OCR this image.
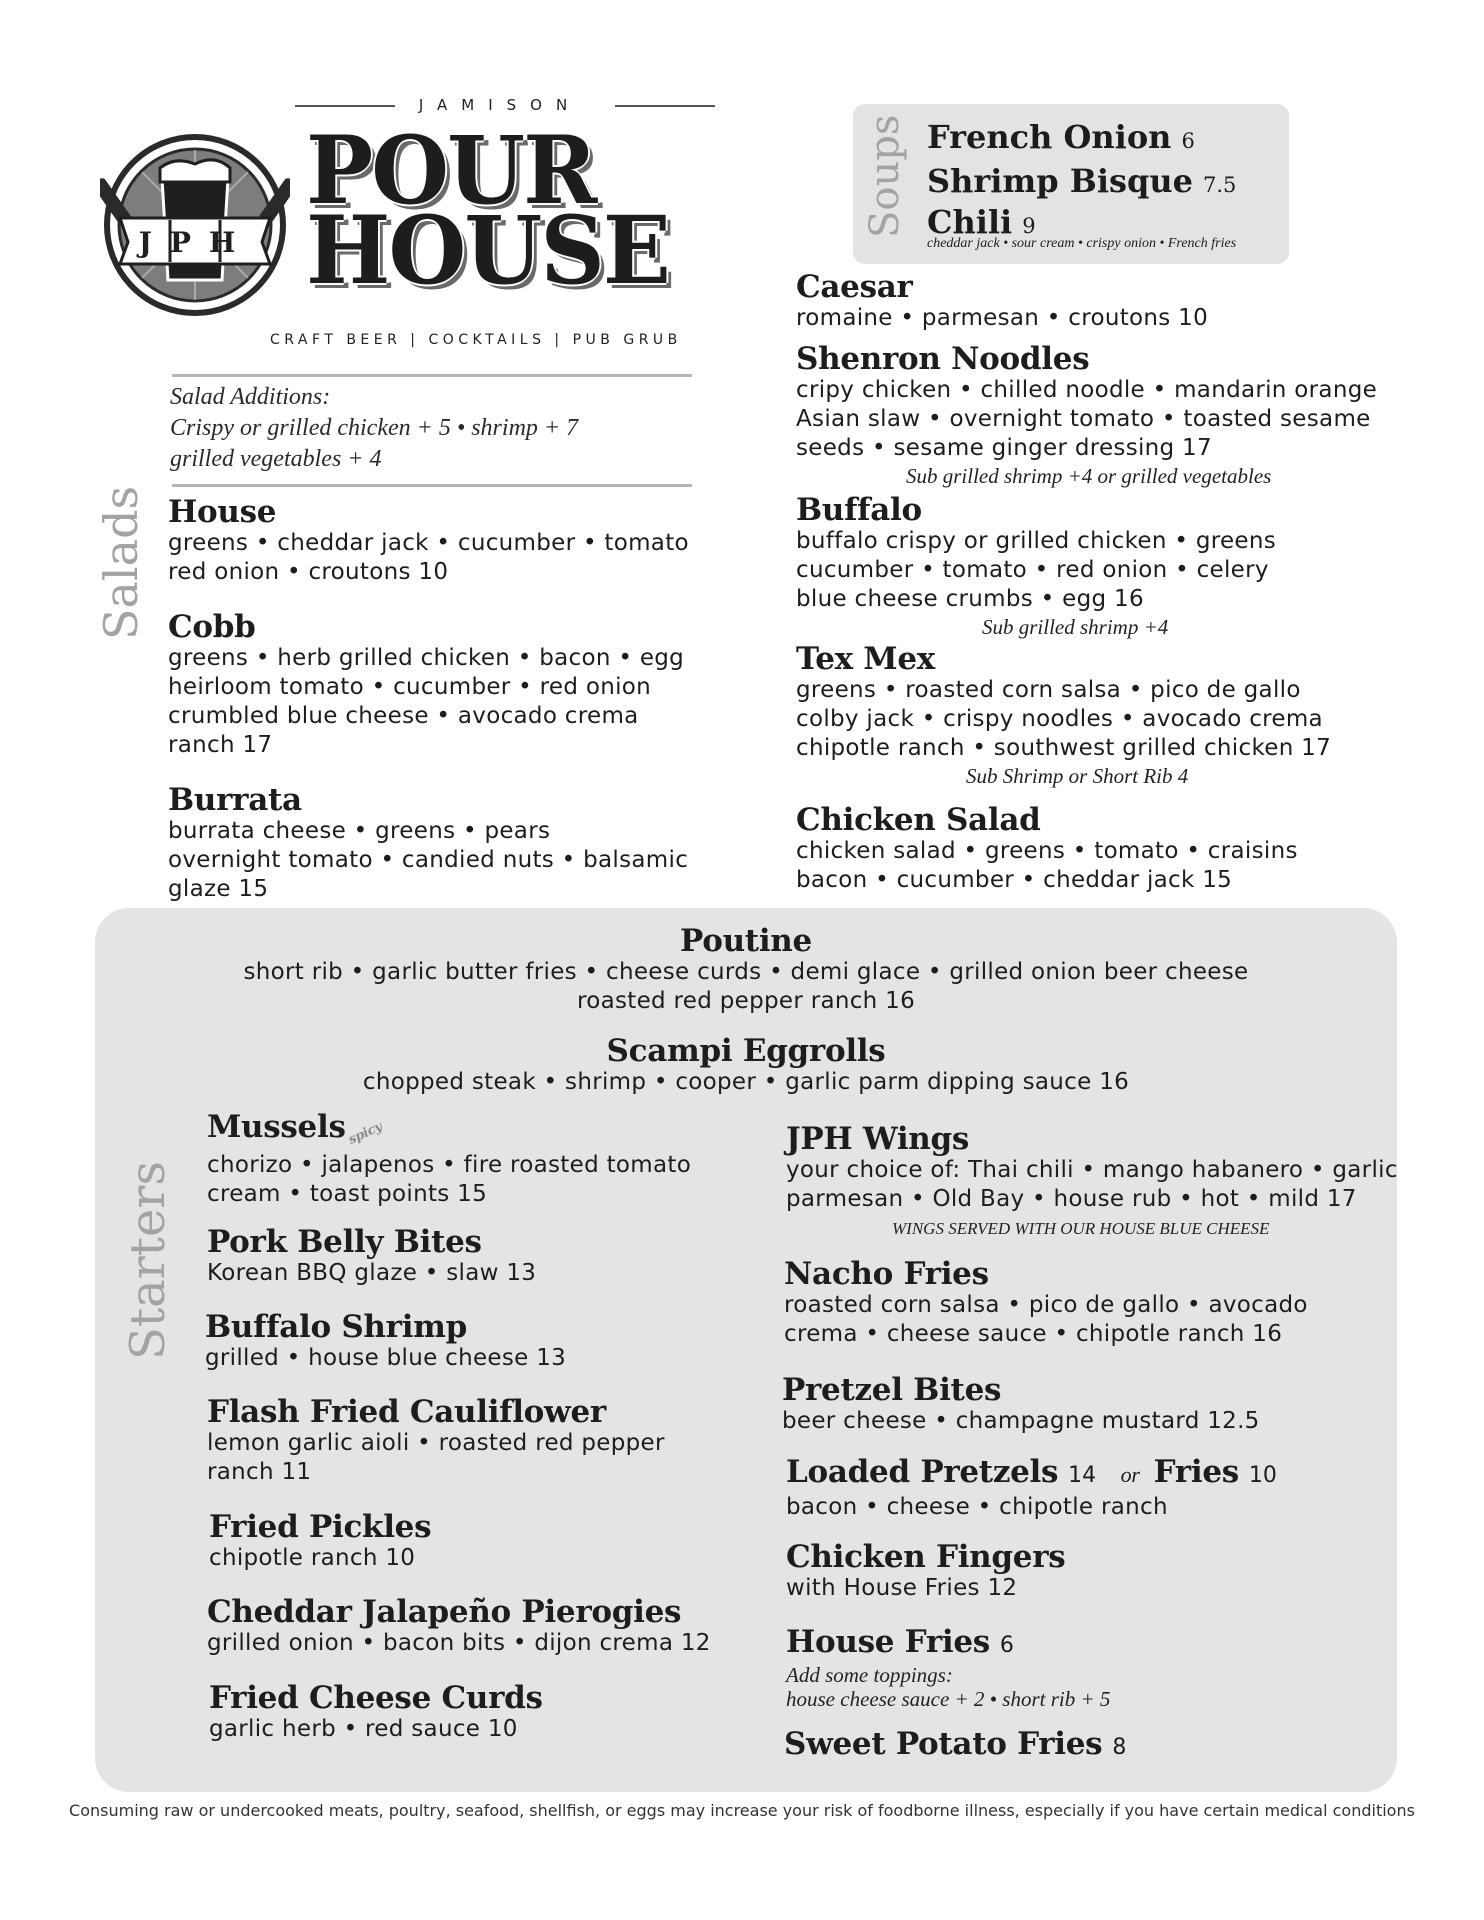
JAMISON
JPH
POUR
HOUSE
CRAFT BEER | COCKTAILS | PUB GRUB
Soups French Onion 6
Shrimp Bisque 7.5
Chili 9
cheddar jack • sour cream • crispy onion • French fries
Salad Additions:
Crispy or grilled chicken + 5 • shrimp + 7
grilled vegetables + 4
Salads House
greens • cheddar jack • cucumber • tomato
red onion • croutons 10
Cobb
greens • herb grilled chicken • bacon • egg
heirloom tomato • cucumber • red onion
crumbled blue cheese • avocado crema
ranch 17
Burrata
burrata cheese • greens • pears
overnight tomato • candied nuts • balsamic
glaze 15
Caesar
romaine • parmesan • croutons 10
Shenron Noodles
cripy chicken • chilled noodle • mandarin orange
Asian slaw • overnight tomato • toasted sesame
seeds • sesame ginger dressing 17
Sub grilled shrimp +4 or grilled vegetables
Buffalo
buffalo crispy or grilled chicken • greens
cucumber • tomato • red onion • celery
blue cheese crumbs • egg 16
Sub grilled shrimp +4
Tex Mex
greens • roasted corn salsa • pico de gallo
colby jack • crispy noodles • avocado crema
chipotle ranch • southwest grilled chicken 17
Sub Shrimp or Short Rib 4
Chicken Salad
chicken salad • greens • tomato • craisins
bacon • cucumber • cheddar jack 15
Starters
Poutine
short rib • garlic butter fries • cheese curds • demi glace • grilled onion beer cheese
roasted red pepper ranch 16
Scampi Eggrolls
chopped steak • shrimp • cooper • garlic parm dipping sauce 16
Musselsspicy
chorizo • jalapenos • fire roasted tomato
cream • toast points 15
Pork Belly Bites
Korean BBQ glaze • slaw 13
Buffalo Shrimp
grilled • house blue cheese 13
Flash Fried Cauliflower
lemon garlic aioli • roasted red pepper
ranch 11
Fried Pickles
chipotle ranch 10
Cheddar Jalapeño Pierogies
grilled onion • bacon bits • dijon crema 12
Fried Cheese Curds
garlic herb • red sauce 10
JPH Wings
your choice of: Thai chili • mango habanero • garlic
parmesan • Old Bay • house rub • hot • mild 17
WINGS SERVED WITH OUR HOUSE BLUE CHEESE
Nacho Fries
roasted corn salsa • pico de gallo • avocado
crema • cheese sauce • chipotle ranch 16
Pretzel Bites
beer cheese • champagne mustard 12.5
Loaded Pretzels 14 or Fries 10
bacon • cheese • chipotle ranch
Chicken Fingers
with House Fries 12
House Fries 6
Add some toppings:
house cheese sauce + 2 • short rib + 5
Sweet Potato Fries 8
Consuming raw or undercooked meats, poultry, seafood, shellfish, or eggs may increase your risk of foodborne illness, especially if you have certain medical conditions
